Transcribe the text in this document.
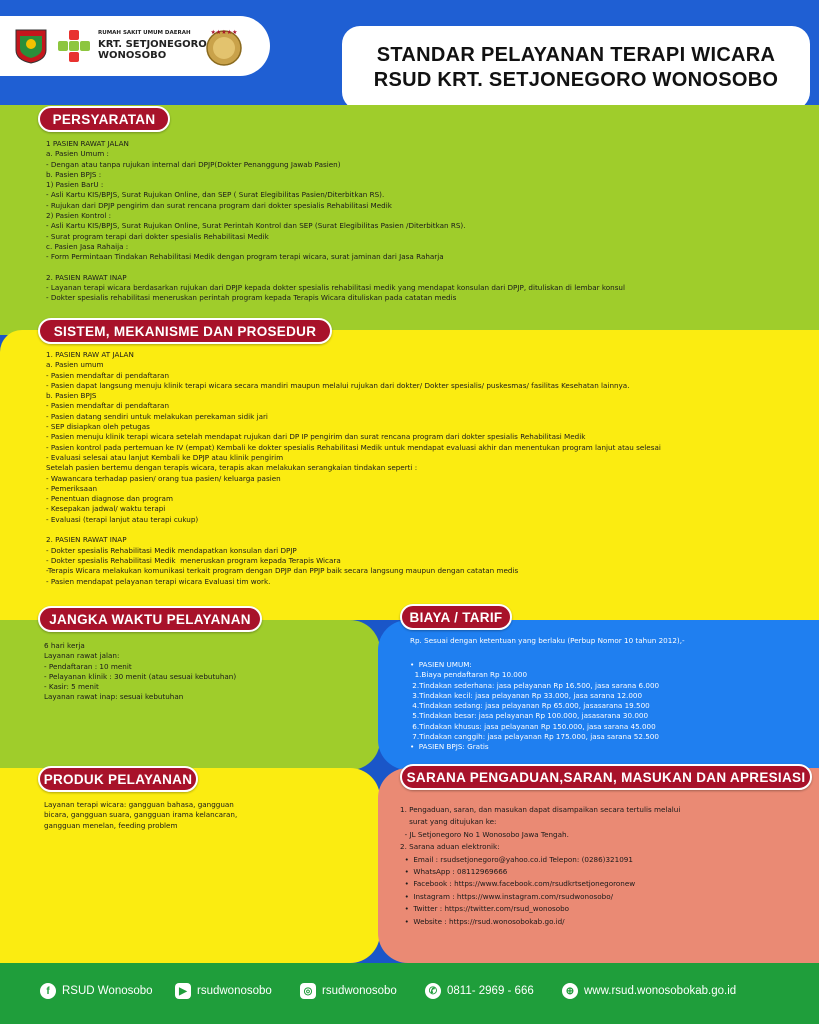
RUMAH SAKIT UMUM DAERAH
KRT. SETJONEGORO
WONOSOBO
★★★★★
STANDAR PELAYANAN TERAPI WICARA
RSUD KRT. SETJONEGORO WONOSOBO
PERSYARATAN
1 PASIEN RAWAT JALAN
a. Pasien Umum :
- Dengan atau tanpa rujukan internal dari DPJP(Dokter Penanggung Jawab Pasien)
b. Pasien BPJS :
1) Pasien BarU :
- Asli Kartu KIS/BPJS, Surat Rujukan Online, dan SEP ( Surat Elegibilitas Pasien/Diterbitkan RS).
- Rujukan dari DPJP pengirim dan surat rencana program dari dokter spesialis Rehabilitasi Medik
2) Pasien Kontrol :
- Asli Kartu KIS/BPJS, Surat Rujukan Online, Surat Perintah Kontrol dan SEP (Surat Elegibilitas Pasien /Diterbitkan RS).
- Surat program terapi dari dokter spesialis Rehabilitasi Medik
c. Pasien Jasa Rahaija :
- Form Permintaan Tindakan Rehabilitasi Medik dengan program terapi wicara, surat jaminan dari Jasa Raharja

2. PASIEN RAWAT INAP
- Layanan terapi wicara berdasarkan rujukan dari DPJP kepada dokter spesialis rehabilitasi medik yang mendapat konsulan dari DPJP, dituliskan di lembar konsul
- Dokter spesialis rehabilitasi meneruskan perintah program kepada Terapis Wicara dituliskan pada catatan medis
SISTEM, MEKANISME DAN PROSEDUR
1. PASIEN RAW AT JALAN
a. Pasien umum
- Pasien mendaftar di pendaftaran
- Pasien dapat langsung menuju klinik terapi wicara secara mandiri maupun melalui rujukan dari dokter/ Dokter spesialis/ puskesmas/ fasilitas Kesehatan lainnya.
b. Pasien BPJS
- Pasien mendaftar di pendaftaran
- Pasien datang sendiri untuk melakukan perekaman sidik jari
- SEP disiapkan oleh petugas
- Pasien menuju klinik terapi wicara setelah mendapat rujukan dari DP IP pengirim dan surat rencana program dari dokter spesialis Rehabilitasi Medik
- Pasien kontrol pada pertemuan ke IV (empat) Kembali ke dokter spesialis Rehabilitasi Medik untuk mendapat evaluasi akhir dan menentukan program lanjut atau selesai
- Evaluasi selesai atau lanjut Kembali ke DPJP atau klinik pengirim
Setelah pasien bertemu dengan terapis wicara, terapis akan melakukan serangkaian tindakan seperti :
- Wawancara terhadap pasien/ orang tua pasien/ keluarga pasien
- Pemeriksaan
- Penentuan diagnose dan program
- Kesepakan jadwal/ waktu terapi
- Evaluasi (terapi lanjut atau terapi cukup)

2. PASIEN RAWAT INAP
- Dokter spesialis Rehabilitasi Medik mendapatkan konsulan dari DPJP
- Dokter spesialis Rehabilitasi Medik  meneruskan program kepada Terapis Wicara
-Terapis Wicara melakukan komunikasi terkait program dengan DPJP dan PPJP baik secara langsung maupun dengan catatan medis
- Pasien mendapat pelayanan terapi wicara Evaluasi tim work.
JANGKA WAKTU PELAYANAN
6 hari kerja
Layanan rawat jalan:
- Pendaftaran : 10 menit
- Pelayanan klinik : 30 menit (atau sesuai kebutuhan)
- Kasir: 5 menit
Layanan rawat inap: sesuai kebutuhan
BIAYA / TARIF
Rp. Sesuai dengan ketentuan yang berlaku (Perbup Nomor 10 tahun 2012),-
•  PASIEN UMUM:
1.Biaya pendaftaran Rp 10.000
2.Tindakan sederhana: jasa pelayanan Rp 16.500, jasa sarana 6.000
3.Tindakan kecil: jasa pelayanan Rp 33.000, jasa sarana 12.000
4.Tindakan sedang: jasa pelayanan Rp 65.000, jasasarana 19.500
5.Tindakan besar: jasa pelayanan Rp 100.000, jasasarana 30.000
6.Tindakan khusus: jasa pelayanan Rp 150.000, jasa sarana 45.000
7.Tindakan canggih: jasa pelayanan Rp 175.000, jasa sarana 52.500
•  PASIEN BPJS: Gratis
PRODUK PELAYANAN
Layanan terapi wicara: gangguan bahasa, gangguan
bicara, gangguan suara, gangguan irama kelancaran,
gangguan menelan, feeding problem
SARANA PENGADUAN,SARAN, MASUKAN DAN APRESIASI
1. Pengaduan, saran, dan masukan dapat disampaikan secara tertulis melalui
surat yang ditujukan ke:
- JL Setjonegoro No 1 Wonosobo Jawa Tengah.
2. Sarana aduan elektronik:
•  Email : rsudsetjonegoro@yahoo.co.id Telepon: (0286)321091
•  WhatsApp : 08112969666
•  Facebook : https://www.facebook.com/rsudkrtsetjonegoronew
•  Instagram : https://www.instagram.com/rsudwonosobo/
•  Twitter : https://twitter.com/rsud_wonosobo
•  Website : https://rsud.wonosobokab.go.id/
f	RSUD Wonosobo	▶ rsudwonosobo	◎ rsudwonosobo	✆ 0811- 2969 - 666	⊕ www.rsud.wonosobokab.go.id
